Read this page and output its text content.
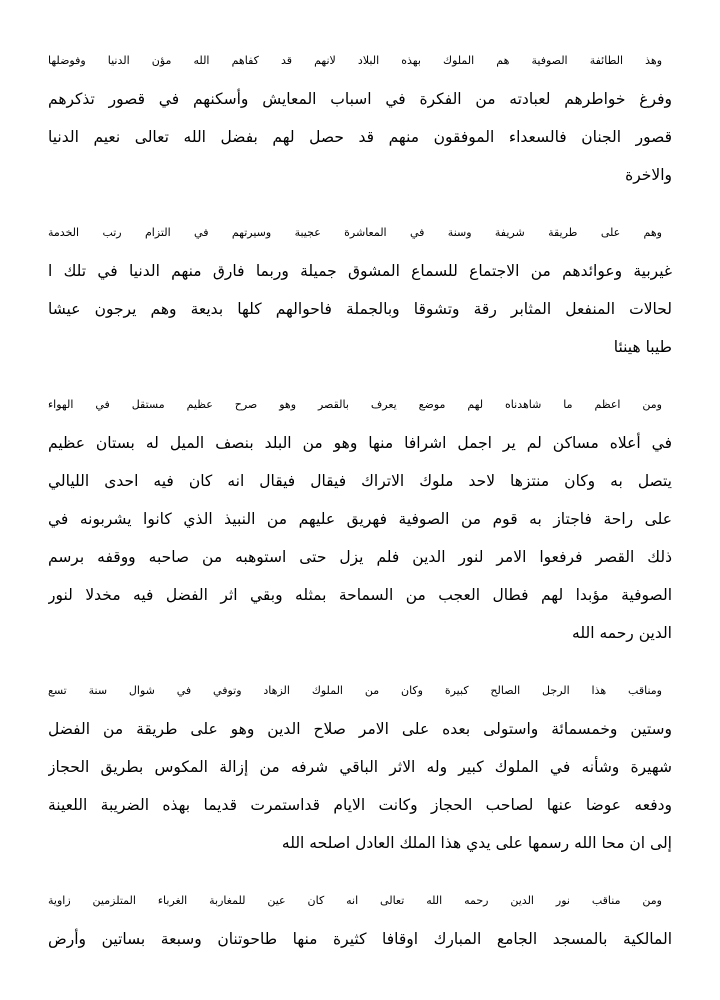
وهذ الطائفة الصوفية هم الملوك بهذه البلاد لانهم قد كفاهم الله مؤن الدنيا وفوضلها
وفرغ خواطرهم لعبادته من الفكرة في اسباب المعايش وأسكنهم في قصور تذكرهم
قصور الجنان فالسعداء الموفقون منهم قد حصل لهم بفضل الله تعالى نعيم الدنيا
والاخرة
وهم على طريقة شريفة وسنة في المعاشرة عجيبة وسيرتهم في التزام رتب الخدمة
غيربية وعوائدهم من الاجتماع للسماع المشوق جميلة وربما فارق منهم الدنيا في تلك ا
لحالات المنفعل المثابر رقة وتشوقا وبالجملة فاحوالهم كلها بديعة وهم يرجون عيشا
طيبا هينئا
ومن اعظم ما شاهدناه لهم موضع يعرف بالقصر وهو صرح عظيم مستقل في الهواء
في أعلاه مساكن لم ير اجمل اشرافا منها وهو من البلد بنصف الميل له بستان عظيم
يتصل به وكان منتزها لاحد ملوك الاتراك فيقال فيقال انه كان فيه احدى الليالي
على راحة فاجتاز به قوم من الصوفية فهريق عليهم من النبيذ الذي كانوا يشربونه في
ذلك القصر فرفعوا الامر لنور الدين فلم يزل حتى استوهبه من صاحبه ووقفه برسم
الصوفية مؤبدا لهم فطال العجب من السماحة بمثله وبقي اثر الفضل فيه مخدلا لنور
الدين رحمه الله
ومناقب هذا الرجل الصالح كبيرة وكان من الملوك الزهاد وتوفي في شوال سنة تسع
وستين وخمسمائة واستولى بعده على الامر صلاح الدين وهو على طريقة من الفضل
شهيرة وشأنه في الملوك كبير وله الاثر الباقي شرفه من إزالة المكوس بطريق الحجاز
ودفعه عوضا عنها لصاحب الحجاز وكانت الايام قداستمرت قديما بهذه الضريبة اللعينة
إلى ان محا الله رسمها على يدي هذا الملك العادل اصلحه الله
ومن مناقب نور الدين رحمه الله تعالى انه كان عين للمغاربة الغرباء المتلزمين زاوية
المالكية بالمسجد الجامع المبارك اوقافا كثيرة منها طاحوتنان وسبعة بساتين وأرض
